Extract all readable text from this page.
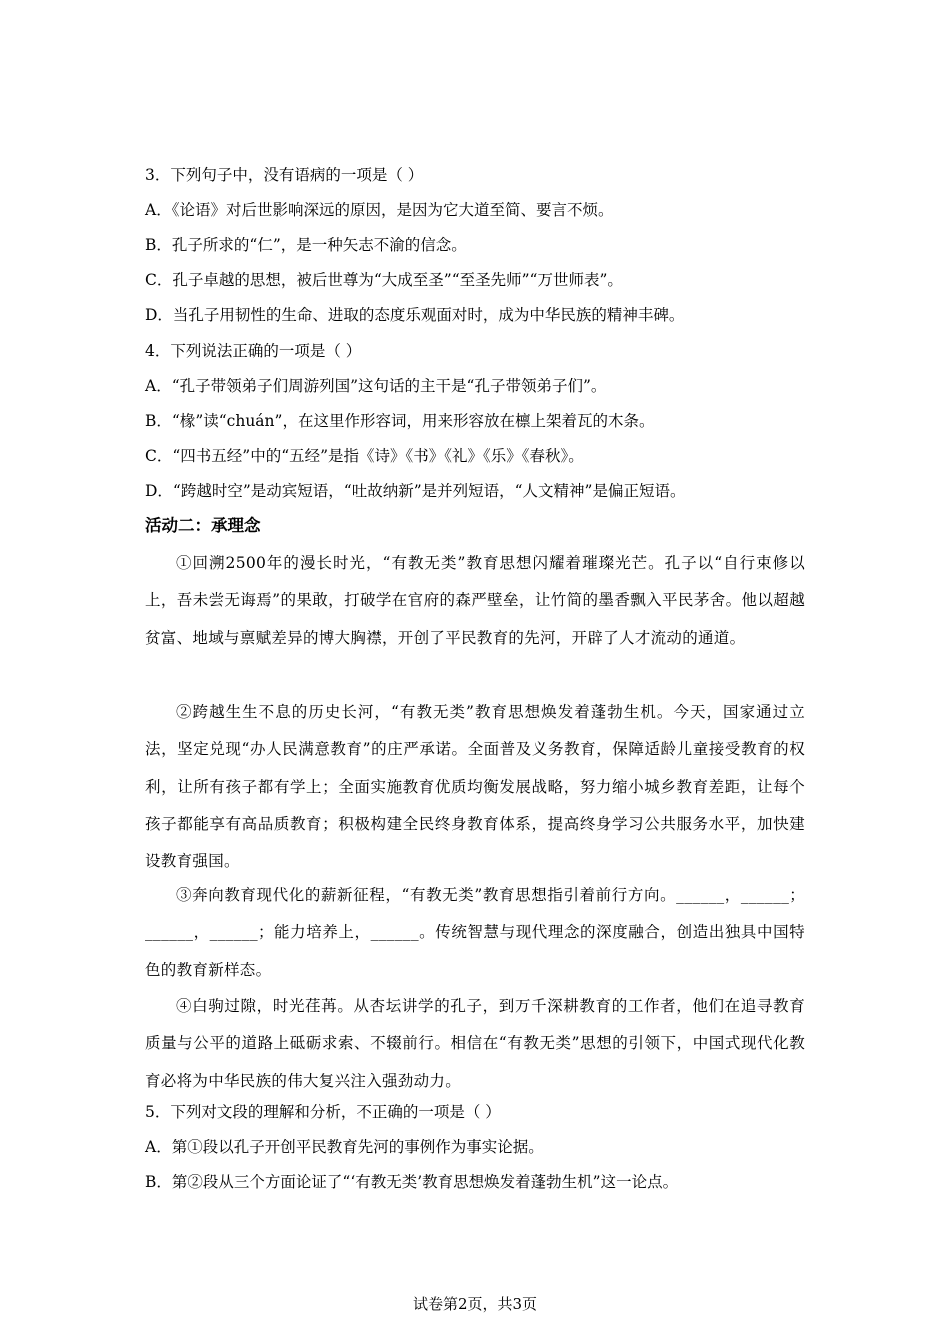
3．下列句子中，没有语病的一项是（ ）
A．《论语》对后世影响深远的原因，是因为它大道至简、要言不烦。
B．孔子所求的“仁”，是一种矢志不渝的信念。
C．孔子卓越的思想，被后世尊为“大成至圣”“至圣先师”“万世师表”。
D．当孔子用韧性的生命、进取的态度乐观面对时，成为中华民族的精神丰碑。
4．下列说法正确的一项是（ ）
A．“孔子带领弟子们周游列国”这句话的主干是“孔子带领弟子们”。
B．“椽”读“chuán”，在这里作形容词，用来形容放在檩上架着瓦的木条。
C．“四书五经”中的“五经”是指《诗》《书》《礼》《乐》《春秋》。
D．“跨越时空”是动宾短语，“吐故纳新”是并列短语，“人文精神”是偏正短语。
活动二：承理念
①回溯2500年的漫长时光，“有教无类”教育思想闪耀着璀璨光芒。孔子以“自行束修以上，吾未尝无诲焉”的果敢，打破学在官府的森严壁垒，让竹简的墨香飘入平民茅舍。他以超越贫富、地域与禀赋差异的博大胸襟，开创了平民教育的先河，开辟了人才流动的通道。
②跨越生生不息的历史长河，“有教无类”教育思想焕发着蓬勃生机。今天，国家通过立法，坚定兑现“办人民满意教育”的庄严承诺。全面普及义务教育，保障适龄儿童接受教育的权利，让所有孩子都有学上；全面实施教育优质均衡发展战略，努力缩小城乡教育差距，让每个孩子都能享有高品质教育；积极构建全民终身教育体系，提高终身学习公共服务水平，加快建设教育强国。
③奔向教育现代化的薪新征程，“有教无类”教育思想指引着前行方向。______，______；______，______；能力培养上，______。传统智慧与现代理念的深度融合，创造出独具中国特色的教育新样态。
④白驹过隙，时光荏苒。从杏坛讲学的孔子，到万千深耕教育的工作者，他们在追寻教育质量与公平的道路上砥砺求索、不辍前行。相信在“有教无类”思想的引领下，中国式现代化教育必将为中华民族的伟大复兴注入强劲动力。
5．下列对文段的理解和分析，不正确的一项是（ ）
A．第①段以孔子开创平民教育先河的事例作为事实论据。
B．第②段从三个方面论证了“‘有教无类’教育思想焕发着蓬勃生机”这一论点。
试卷第2页，共3页
